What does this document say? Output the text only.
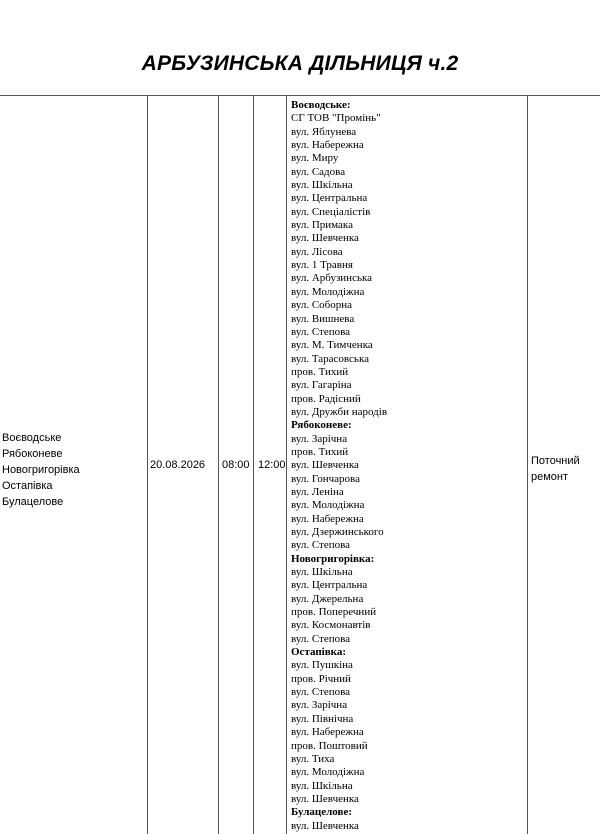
АРБУЗИНСЬКА ДІЛЬНИЦЯ ч.2
Воєводське
Рябоконеве
Новогригорівка
Остапівка
Булацелове
20.08.2026 08:00 12:00	Поточний ремонт
Воєводське:
СГ ТОВ "Промінь"
вул. Яблунева
вул. Набережна
вул. Миру
вул. Садова
вул. Шкільна
вул. Центральна
вул. Спеціалістів
вул. Примака
вул. Шевченка
вул. Лісова
вул. 1 Травня
вул. Арбузинська
вул. Молодіжна
вул. Соборна
вул. Вишнева
вул. Степова
вул. М. Тимченка
вул. Тарасовська
пров. Тихий
вул. Гагаріна
пров. Радісний
вул. Дружби народів
Рябоконеве:
вул. Зарічна
пров. Тихий
вул. Шевченка
вул. Гончарова
вул. Леніна
вул. Молодіжна
вул. Набережна
вул. Дзержинського
вул. Степова
Новогригорівка:
вул. Шкільна
вул. Центральна
вул. Джерельна
пров. Поперечний
вул. Космонавтів
вул. Степова
Остапівка:
вул. Пушкіна
пров. Річний
вул. Степова
вул. Зарічна
вул. Північна
вул. Набережна
пров. Поштовий
вул. Тиха
вул. Молодіжна
вул. Шкільна
вул. Шевченка
Булацелове:
вул. Шевченка
